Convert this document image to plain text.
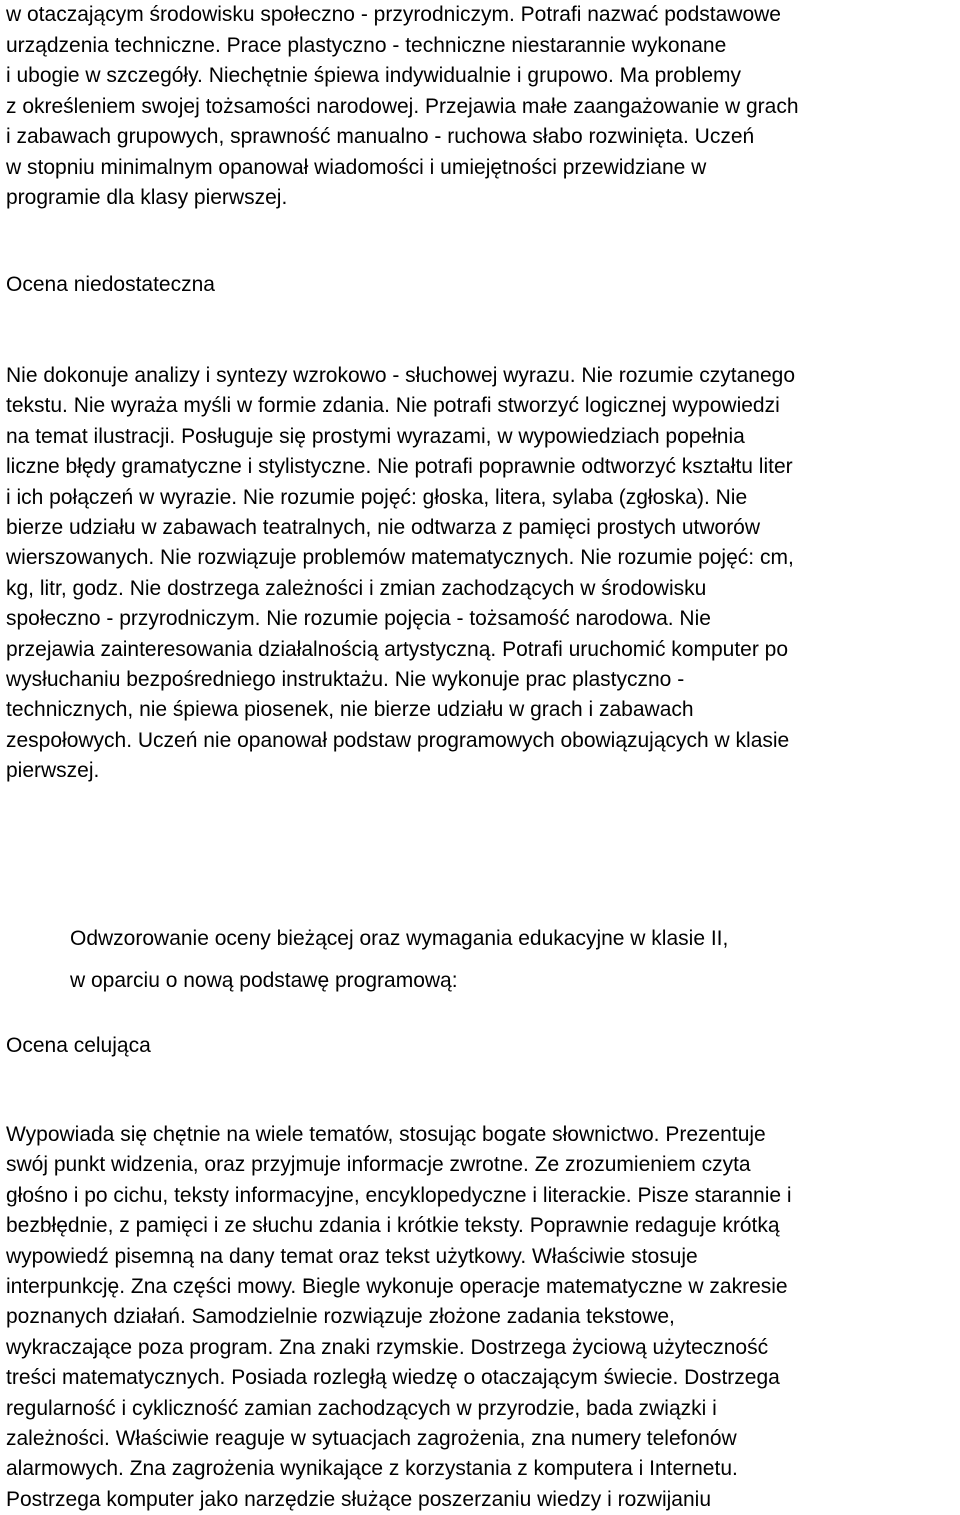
w otaczającym środowisku społeczno - przyrodniczym. Potrafi nazwać podstawowe
urządzenia techniczne. Prace plastyczno - techniczne niestarannie wykonane
i ubogie w szczegóły. Niechętnie śpiewa indywidualnie i grupowo. Ma problemy
z określeniem swojej tożsamości narodowej. Przejawia małe zaangażowanie w grach
i zabawach grupowych, sprawność manualno - ruchowa słabo rozwinięta. Uczeń
w stopniu minimalnym opanował wiadomości i umiejętności przewidziane w
programie dla klasy pierwszej.
Ocena niedostateczna
Nie dokonuje analizy i syntezy wzrokowo - słuchowej wyrazu. Nie rozumie czytanego
tekstu. Nie wyraża myśli w formie zdania. Nie potrafi stworzyć logicznej wypowiedzi
na temat ilustracji. Posługuje się prostymi wyrazami, w wypowiedziach popełnia
liczne błędy gramatyczne i stylistyczne. Nie potrafi poprawnie odtworzyć kształtu liter
i ich połączeń w wyrazie. Nie rozumie pojęć: głoska, litera, sylaba (zgłoska). Nie
bierze udziału w zabawach teatralnych, nie odtwarza z pamięci prostych utworów
wierszowanych. Nie rozwiązuje problemów matematycznych. Nie rozumie pojęć: cm,
kg, litr, godz. Nie dostrzega zależności i zmian zachodzących w środowisku
społeczno - przyrodniczym. Nie rozumie pojęcia - tożsamość narodowa. Nie
przejawia zainteresowania działalnością artystyczną. Potrafi uruchomić komputer po
wysłuchaniu bezpośredniego instruktażu. Nie wykonuje prac plastyczno -
technicznych, nie śpiewa piosenek, nie bierze udziału w grach i zabawach
zespołowych. Uczeń nie opanował podstaw programowych obowiązujących w klasie
pierwszej.
Odwzorowanie oceny bieżącej oraz wymagania edukacyjne w klasie II,
w oparciu o nową podstawę programową:
Ocena celująca
Wypowiada się chętnie na wiele tematów, stosując bogate słownictwo. Prezentuje
swój punkt widzenia, oraz przyjmuje informacje zwrotne. Ze zrozumieniem czyta
głośno i po cichu, teksty informacyjne, encyklopedyczne i literackie. Pisze starannie i
bezbłędnie, z pamięci i ze słuchu zdania i krótkie teksty. Poprawnie redaguje krótką
wypowiedź pisemną na dany temat oraz tekst użytkowy. Właściwie stosuje
interpunkcję. Zna części mowy. Biegle wykonuje operacje matematyczne w zakresie
poznanych działań. Samodzielnie rozwiązuje złożone zadania tekstowe,
wykraczające poza program. Zna znaki rzymskie. Dostrzega życiową użyteczność
treści matematycznych. Posiada rozległą wiedzę o otaczającym świecie. Dostrzega
regularność i cykliczność zamian zachodzących w przyrodzie, bada związki i
zależności. Właściwie reaguje w sytuacjach zagrożenia, zna numery telefonów
alarmowych. Zna zagrożenia wynikające z korzystania z komputera i Internetu.
Postrzega komputer jako narzędzie służące poszerzaniu wiedzy i rozwijaniu
